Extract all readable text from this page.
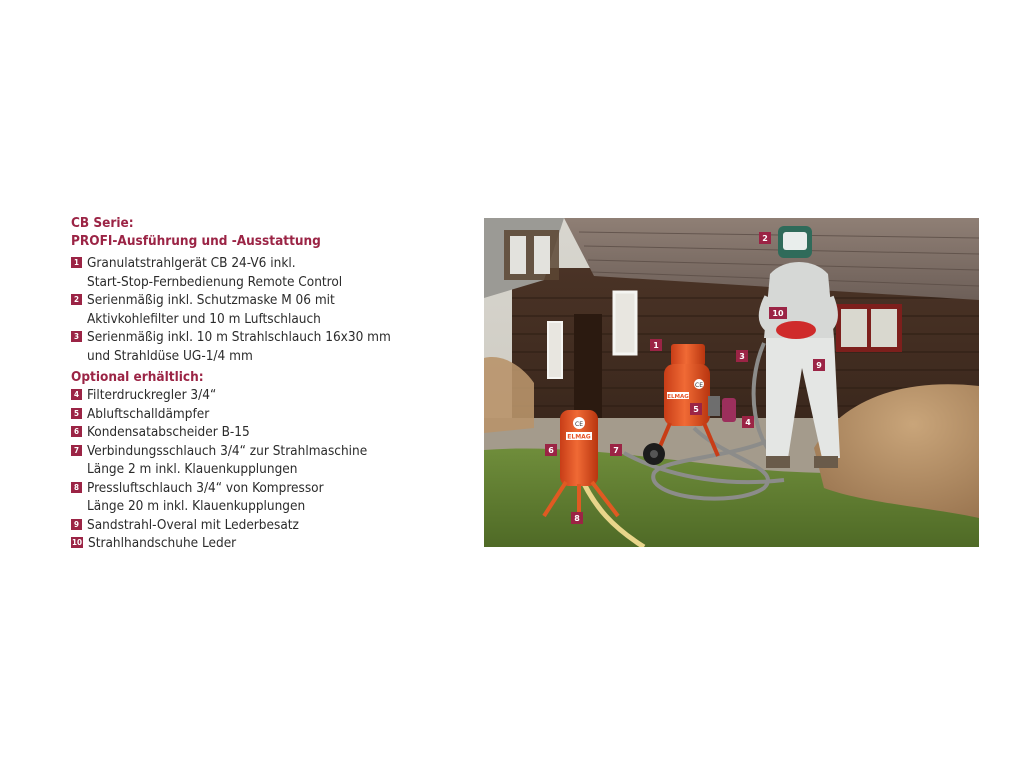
CB Serie:
PROFI-Ausführung und -Ausstattung
1 Granulatstrahlgerät CB 24-V6 inkl.
Start-Stop-Fernbedienung Remote Control
2 Serienmäßig inkl. Schutzmaske M 06 mit
Aktivkohlefilter und 10 m Luftschlauch
3 Serienmäßig inkl. 10 m Strahlschlauch 16x30 mm
und Strahldüse UG-1/4 mm
Optional erhältlich:
4 Filterdruckregler 3/4“
5 Abluftschalldämpfer
6 Kondensatabscheider B-15
7 Verbindungsschlauch 3/4“ zur Strahlmaschine
Länge 2 m inkl. Klauenkupplungen
8 Pressluftschlauch 3/4“ von Kompressor
Länge 20 m inkl. Klauenkupplungen
9 Sandstrahl-Overal mit Lederbesatz
10 Strahlhandschuhe Leder
CE
ELMAG
CE
ELMAG
1
2
3
4
5
6	7
8
9
10
